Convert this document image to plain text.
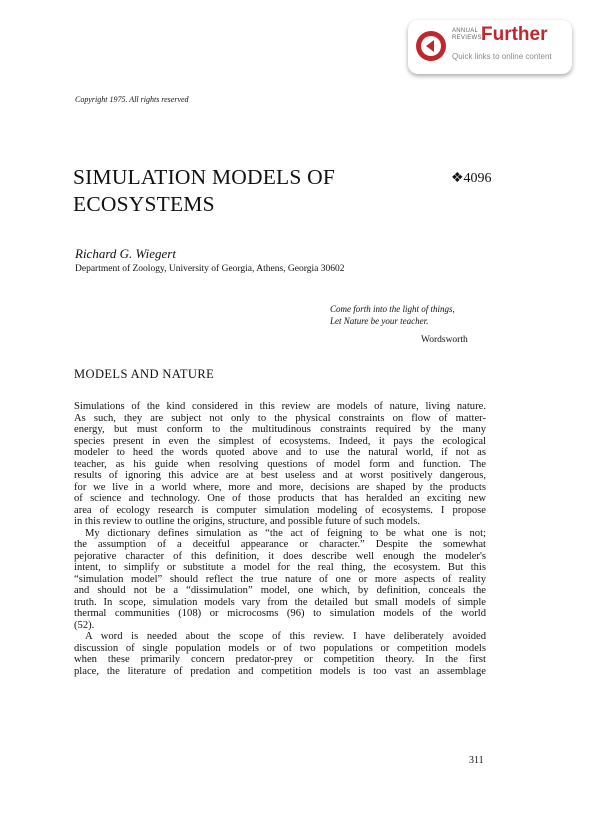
ANNUAL
REVIEWS Further
Quick links to online content
Copyright 1975. All rights reserved
SIMULATION MODELS OF ECOSYSTEMS
❖4096
Richard G. Wiegert
Department of Zoology, University of Georgia, Athens, Georgia 30602
Come forth into the light of things,
Let Nature be your teacher.
Wordsworth
MODELS AND NATURE

Simulations of the kind considered in this review are models of nature, living nature.
As such, they are subject not only to the physical constraints on flow of matter-
energy, but must conform to the multitudinous constraints required by the many
species present in even the simplest of ecosystems. Indeed, it pays the ecological
modeler to heed the words quoted above and to use the natural world, if not as
teacher, as his guide when resolving questions of model form and function. The
results of ignoring this advice are at best useless and at worst positively dangerous,
for we live in a world where, more and more, decisions are shaped by the products
of science and technology. One of those products that has heralded an exciting new
area of ecology research is computer simulation modeling of ecosystems. I propose
in this review to outline the origins, structure, and possible future of such models.

My dictionary defines simulation as “the act of feigning to be what one is not;
the assumption of a deceitful appearance or character.” Despite the somewhat
pejorative character of this definition, it does describe well enough the modeler's
intent, to simplify or substitute a model for the real thing, the ecosystem. But this
“simulation model” should reflect the true nature of one or more aspects of reality
and should not be a “dissimulation” model, one which, by definition, conceals the
truth. In scope, simulation models vary from the detailed but small models of simple
thermal communities (108) or microcosms (96) to simulation models of the world
(52).

A word is needed about the scope of this review. I have deliberately avoided
discussion of single population models or of two populations or competition models
when these primarily concern predator-prey or competition theory. In the first
place, the literature of predation and competition models is too vast an assemblage

311
